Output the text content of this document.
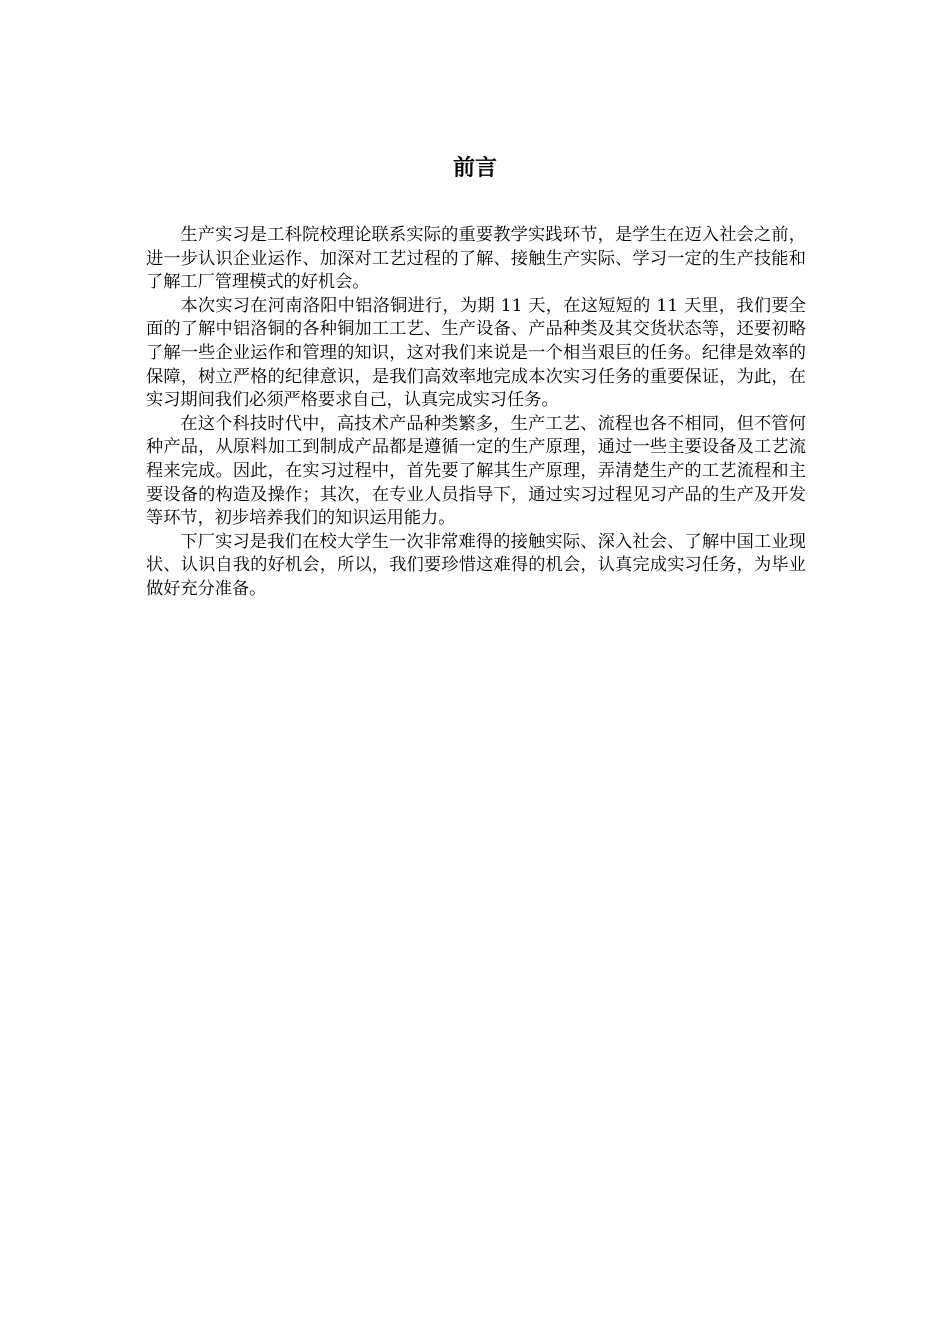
前言

生产实习是工科院校理论联系实际的重要教学实践环节，是学生在迈入社会之前，进一步认识企业运作、加深对工艺过程的了解、接触生产实际、学习一定的生产技能和了解工厂管理模式的好机会。

本次实习在河南洛阳中铝洛铜进行，为期 11 天，在这短短的 11 天里，我们要全面的了解中铝洛铜的各种铜加工工艺、生产设备、产品种类及其交货状态等，还要初略了解一些企业运作和管理的知识，这对我们来说是一个相当艰巨的任务。纪律是效率的保障，树立严格的纪律意识，是我们高效率地完成本次实习任务的重要保证，为此，在实习期间我们必须严格要求自己，认真完成实习任务。

在这个科技时代中，高技术产品种类繁多，生产工艺、流程也各不相同，但不管何种产品，从原料加工到制成产品都是遵循一定的生产原理，通过一些主要设备及工艺流程来完成。因此，在实习过程中，首先要了解其生产原理，弄清楚生产的工艺流程和主要设备的构造及操作；其次，在专业人员指导下，通过实习过程见习产品的生产及开发等环节，初步培养我们的知识运用能力。

下厂实习是我们在校大学生一次非常难得的接触实际、深入社会、了解中国工业现状、认识自我的好机会，所以，我们要珍惜这难得的机会，认真完成实习任务，为毕业做好充分准备。
